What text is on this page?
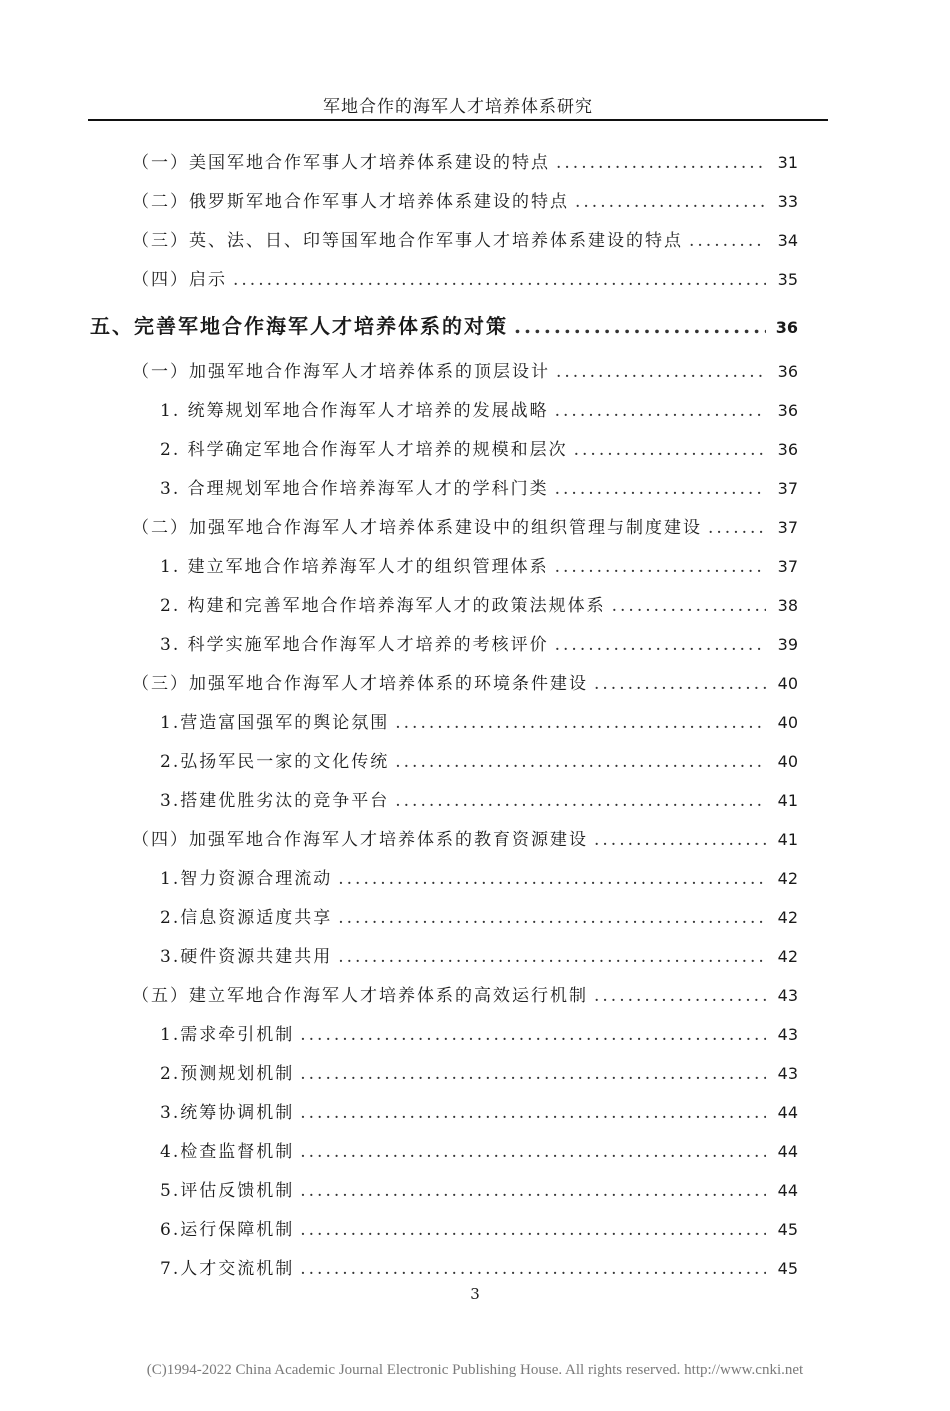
军地合作的海军人才培养体系研究
（一）美国军地合作军事人才培养体系建设的特点 .....	31
（二）俄罗斯军地合作军事人才培养体系建设的特点 .....	33
（三）英、法、日、印等国军地合作军事人才培养体系建设的特点 .....	34
（四）启示 .....	35
五、完善军地合作海军人才培养体系的对策 .....	36
（一）加强军地合作海军人才培养体系的顶层设计 .....	36
1. 统筹规划军地合作海军人才培养的发展战略 .....	36
2. 科学确定军地合作海军人才培养的规模和层次 .....	36
3. 合理规划军地合作培养海军人才的学科门类 .....	37
（二）加强军地合作海军人才培养体系建设中的组织管理与制度建设 .....	37
1. 建立军地合作培养海军人才的组织管理体系 .....	37
2. 构建和完善军地合作培养海军人才的政策法规体系 .....	38
3. 科学实施军地合作海军人才培养的考核评价 .....	39
（三）加强军地合作海军人才培养体系的环境条件建设 .....	40
1.营造富国强军的舆论氛围 .....	40
2.弘扬军民一家的文化传统 .....	40
3.搭建优胜劣汰的竞争平台 .....	41
（四）加强军地合作海军人才培养体系的教育资源建设 .....	41
1.智力资源合理流动 .....	42
2.信息资源适度共享 .....	42
3.硬件资源共建共用 .....	42
（五）建立军地合作海军人才培养体系的高效运行机制 .....	43
1.需求牵引机制 .....	43
2.预测规划机制 .....	43
3.统筹协调机制 .....	44
4.检查监督机制 .....	44
5.评估反馈机制 .....	44
6.运行保障机制 .....	45
7.人才交流机制 .....	45
3
(C)1994-2022 China Academic Journal Electronic Publishing House. All rights reserved. http://www.cnki.net
